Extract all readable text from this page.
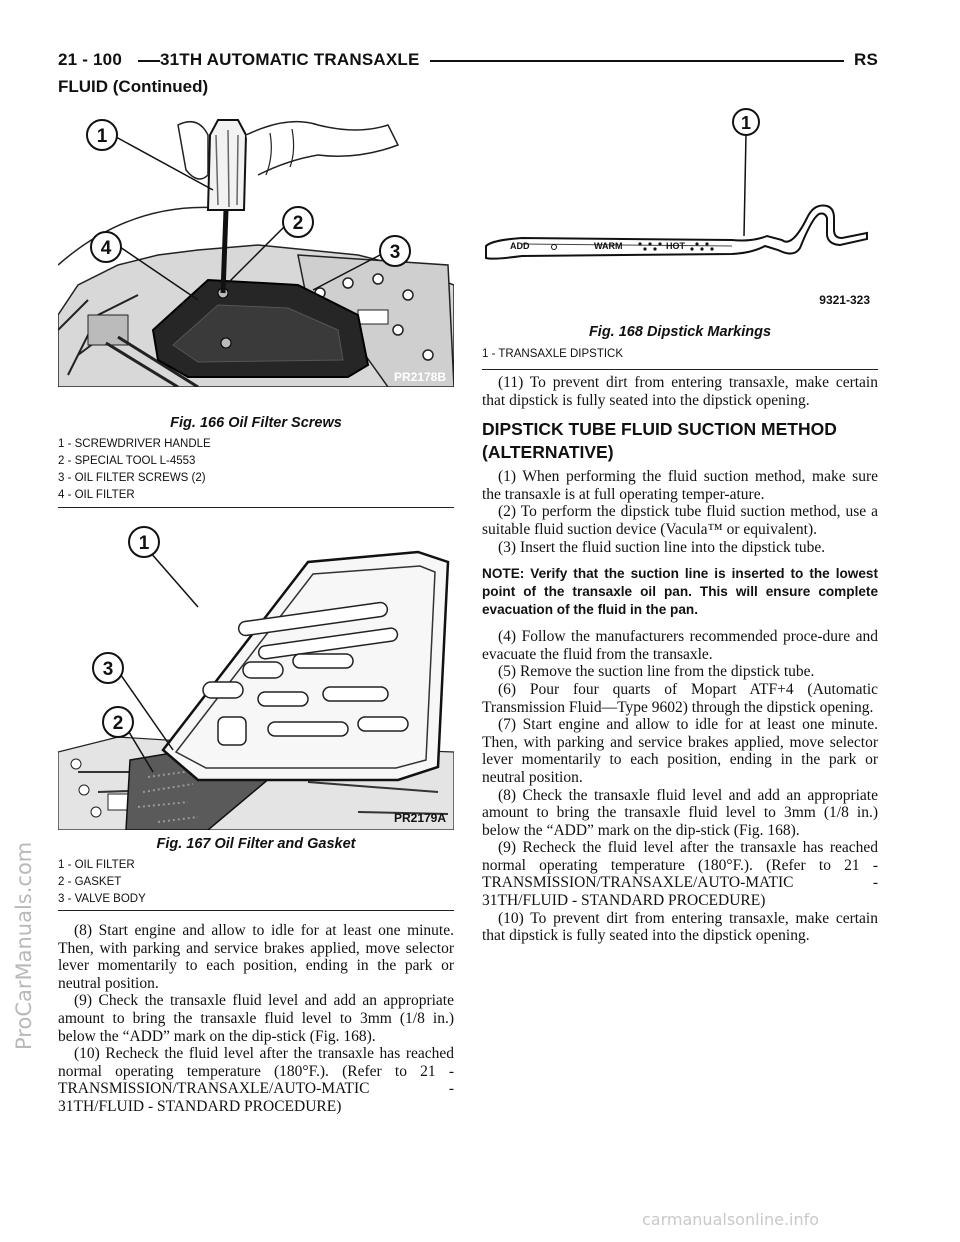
21 - 100	31TH AUTOMATIC TRANSAXLE	RS
FLUID (Continued)
ProCarManuals.com
1
2
3
4
PR2178B
Fig. 166 Oil Filter Screws
1 - SCREWDRIVER HANDLE
2 - SPECIAL TOOL L-4553
3 - OIL FILTER SCREWS (2)
4 - OIL FILTER
1
2
3
PR2179A
Fig. 167 Oil Filter and Gasket
1 - OIL FILTER
2 - GASKET
3 - VALVE BODY

(8) Start engine and allow to idle for at least one minute. Then, with parking and service brakes applied, move selector lever momentarily to each position, ending in the park or neutral position.

(9) Check the transaxle fluid level and add an appropriate amount to bring the transaxle fluid level to 3mm (1/8 in.) below the “ADD” mark on the dip-stick (Fig. 168).

(10) Recheck the fluid level after the transaxle has reached normal operating temperature (180°F.). (Refer to 21 - TRANSMISSION/TRANSAXLE/AUTO-MATIC - 31TH/FLUID - STANDARD PROCEDURE)

ADD	WARM	HOT
1
9321-323
Fig. 168 Dipstick Markings
1 - TRANSAXLE DIPSTICK

(11) To prevent dirt from entering transaxle, make certain that dipstick is fully seated into the dipstick opening.

DIPSTICK TUBE FLUID SUCTION METHOD (ALTERNATIVE)

(1) When performing the fluid suction method, make sure the transaxle is at full operating temper-ature.

(2) To perform the dipstick tube fluid suction method, use a suitable fluid suction device (Vacula™ or equivalent).

(3) Insert the fluid suction line into the dipstick tube.

NOTE: Verify that the suction line is inserted to the lowest point of the transaxle oil pan. This will ensure complete evacuation of the fluid in the pan.

(4) Follow the manufacturers recommended proce-dure and evacuate the fluid from the transaxle.

(5) Remove the suction line from the dipstick tube.

(6) Pour four quarts of Mopart ATF+4 (Automatic Transmission Fluid—Type 9602) through the dipstick opening.

(7) Start engine and allow to idle for at least one minute. Then, with parking and service brakes applied, move selector lever momentarily to each position, ending in the park or neutral position.

(8) Check the transaxle fluid level and add an appropriate amount to bring the transaxle fluid level to 3mm (1/8 in.) below the “ADD” mark on the dip-stick (Fig. 168).

(9) Recheck the fluid level after the transaxle has reached normal operating temperature (180°F.). (Refer to 21 - TRANSMISSION/TRANSAXLE/AUTO-MATIC - 31TH/FLUID - STANDARD PROCEDURE)

(10) To prevent dirt from entering transaxle, make certain that dipstick is fully seated into the dipstick opening.

carmanualsonline.info
